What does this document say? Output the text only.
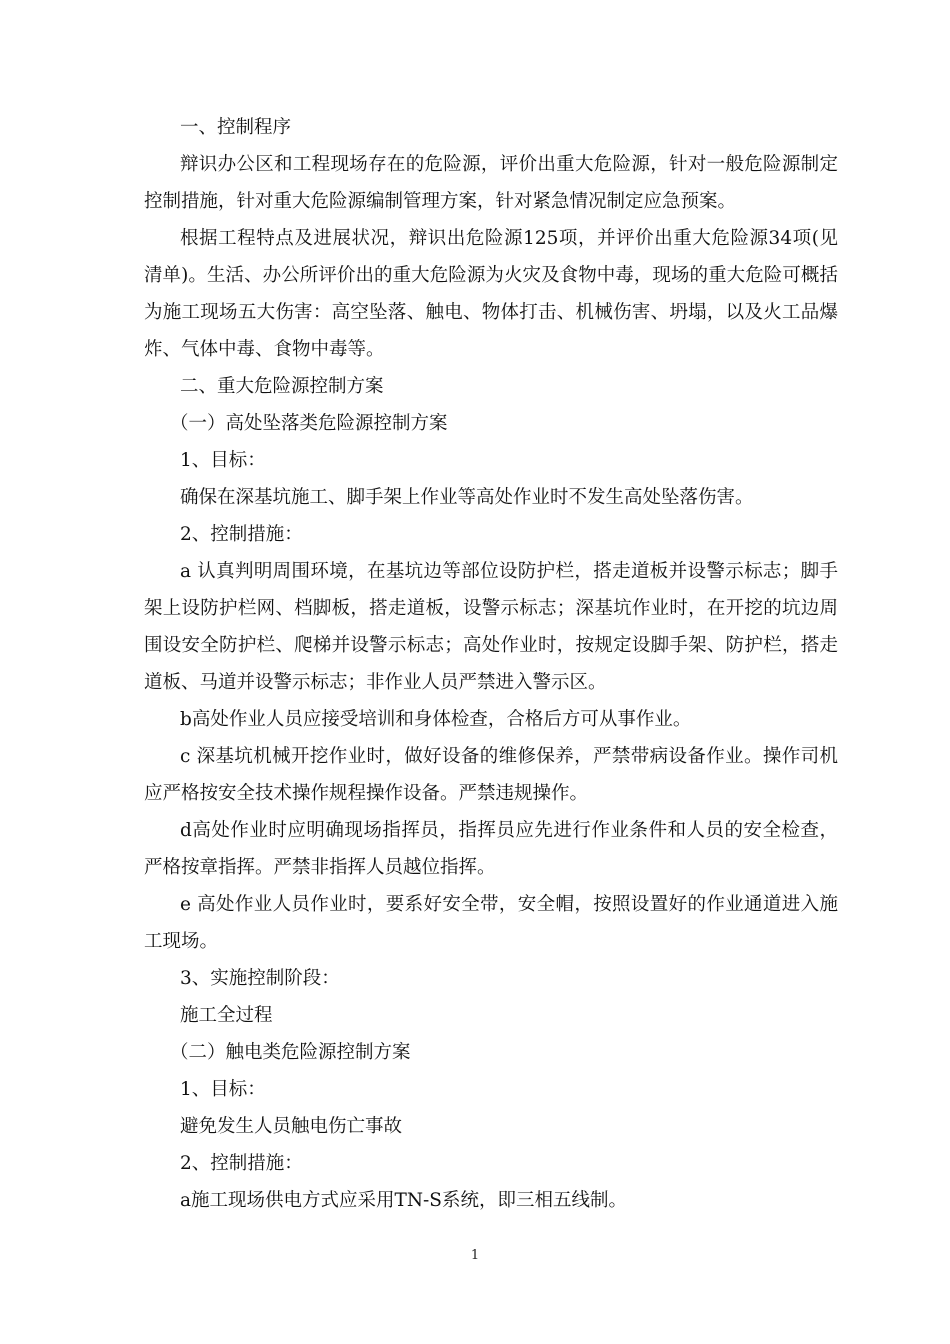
一、控制程序

辩识办公区和工程现场存在的危险源，评价出重大危险源，针对一般危险源制定控制措施，针对重大危险源编制管理方案，针对紧急情况制定应急预案。

根据工程特点及进展状况，辩识出危险源125项，并评价出重大危险源34项(见清单)。生活、办公所评价出的重大危险源为火灾及食物中毒，现场的重大危险可概括为施工现场五大伤害：高空坠落、触电、物体打击、机械伤害、坍塌，以及火工品爆炸、气体中毒、食物中毒等。

二、重大危险源控制方案

（一）高处坠落类危险源控制方案

1、目标：

确保在深基坑施工、脚手架上作业等高处作业时不发生高处坠落伤害。

2、控制措施：

a 认真判明周围环境，在基坑边等部位设防护栏，搭走道板并设警示标志；脚手架上设防护栏网、档脚板，搭走道板，设警示标志；深基坑作业时，在开挖的坑边周围设安全防护栏、爬梯并设警示标志；高处作业时，按规定设脚手架、防护栏，搭走道板、马道并设警示标志；非作业人员严禁进入警示区。

b高处作业人员应接受培训和身体检查，合格后方可从事作业。

c 深基坑机械开挖作业时，做好设备的维修保养，严禁带病设备作业。操作司机应严格按安全技术操作规程操作设备。严禁违规操作。

d高处作业时应明确现场指挥员，指挥员应先进行作业条件和人员的安全检查，严格按章指挥。严禁非指挥人员越位指挥。

e 高处作业人员作业时，要系好安全带，安全帽，按照设置好的作业通道进入施工现场。

3、实施控制阶段：

施工全过程

（二）触电类危险源控制方案

1、目标：

避免发生人员触电伤亡事故

2、控制措施：

a施工现场供电方式应采用TN-S系统，即三相五线制。

1
